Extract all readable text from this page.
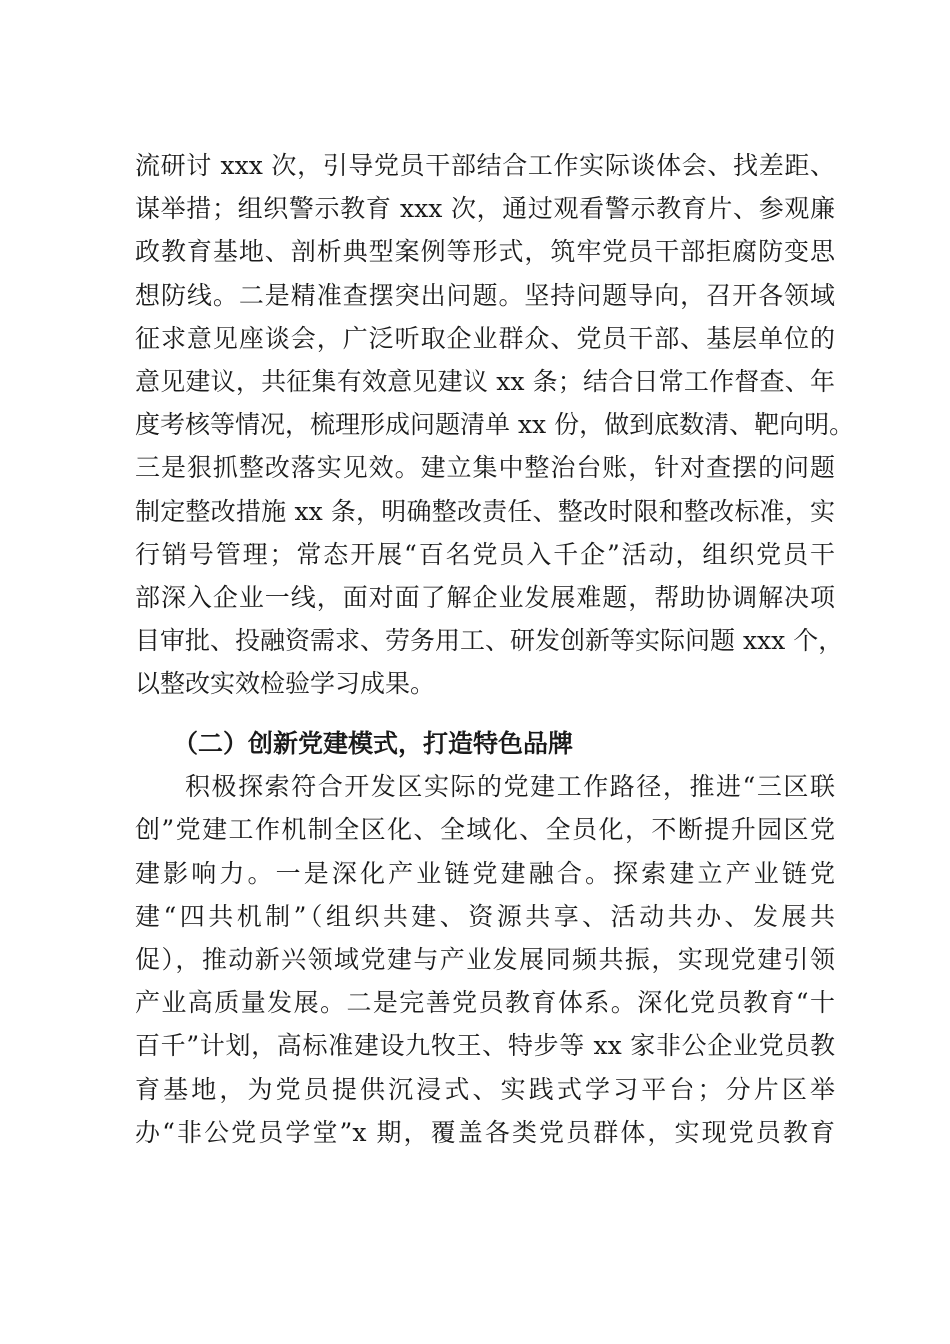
流研讨 xxx 次，引导党员干部结合工作实际谈体会、找差距、
谋举措；组织警示教育 xxx 次，通过观看警示教育片、参观廉
政教育基地、剖析典型案例等形式，筑牢党员干部拒腐防变思
想防线。二是精准查摆突出问题。坚持问题导向，召开各领域
征求意见座谈会，广泛听取企业群众、党员干部、基层单位的
意见建议，共征集有效意见建议 xx 条；结合日常工作督查、年
度考核等情况，梳理形成问题清单 xx 份，做到底数清、靶向明。
三是狠抓整改落实见效。建立集中整治台账，针对查摆的问题
制定整改措施 xx 条，明确整改责任、整改时限和整改标准，实
行销号管理；常态开展“百名党员入千企”活动，组织党员干
部深入企业一线，面对面了解企业发展难题，帮助协调解决项
目审批、投融资需求、劳务用工、研发创新等实际问题 xxx 个，
以整改实效检验学习成果。
（二）创新党建模式，打造特色品牌
积极探索符合开发区实际的党建工作路径，推进“三区联
创”党建工作机制全区化、全域化、全员化，不断提升园区党
建影响力。一是深化产业链党建融合。探索建立产业链党
建“四共机制”（组织共建、资源共享、活动共办、发展共
促），推动新兴领域党建与产业发展同频共振，实现党建引领
产业高质量发展。二是完善党员教育体系。深化党员教育“十
百千”计划，高标准建设九牧王、特步等 xx 家非公企业党员教
育基地，为党员提供沉浸式、实践式学习平台；分片区举
办“非公党员学堂”x 期，覆盖各类党员群体，实现党员教育
